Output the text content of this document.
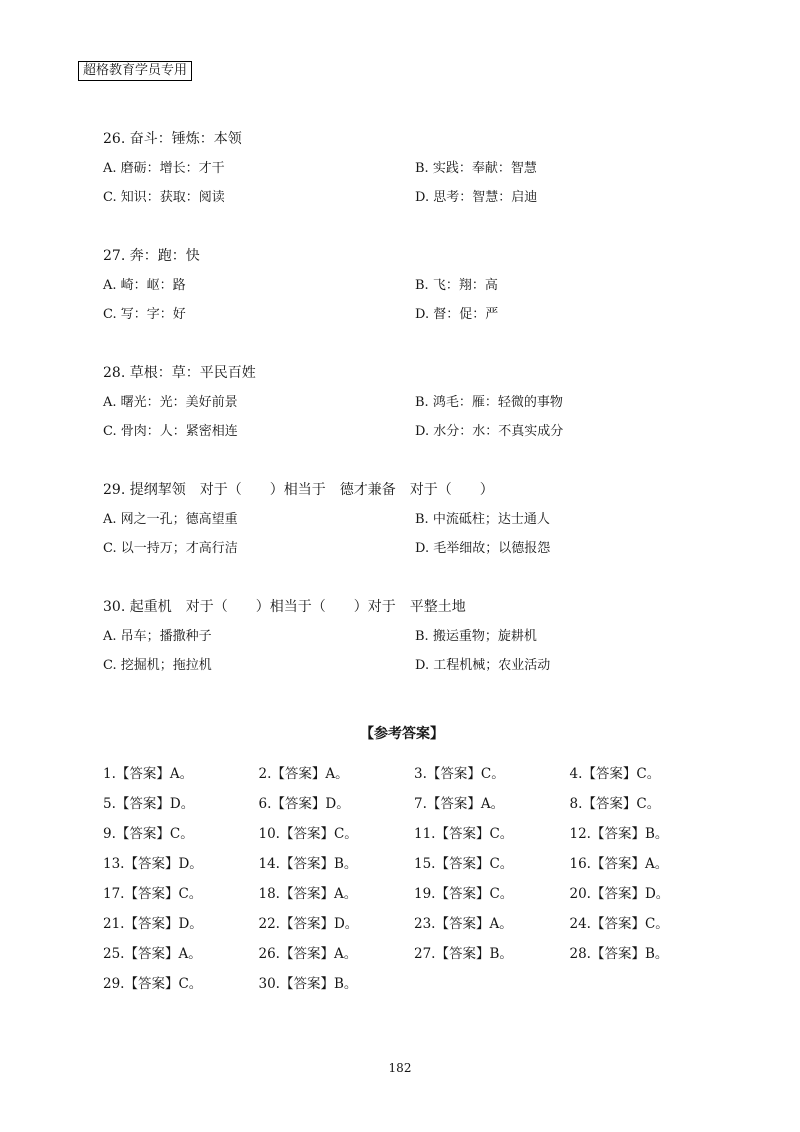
超格教育学员专用
26. 奋斗：锤炼：本领
A. 磨砺：增长：才干	B. 实践：奉献：智慧
C. 知识：获取：阅读	D. 思考：智慧：启迪
27. 奔：跑：快
A. 崎：岖：路	B. 飞：翔：高
C. 写：字：好	D. 督：促：严
28. 草根：草：平民百姓
A. 曙光：光：美好前景	B. 鸿毛：雁：轻微的事物
C. 骨肉：人：紧密相连	D. 水分：水：不真实成分
29. 提纲挈领　对于（　　）相当于　德才兼备　对于（　　）
A. 网之一孔；德高望重	B. 中流砥柱；达士通人
C. 以一持万；才高行洁	D. 毛举细故；以德报怨
30. 起重机　对于（　　）相当于（　　）对于　平整土地
A. 吊车；播撒种子	B. 搬运重物；旋耕机
C. 挖掘机；拖拉机	D. 工程机械；农业活动
【参考答案】
1.【答案】A。	2.【答案】A。	3.【答案】C。	4.【答案】C。
5.【答案】D。	6.【答案】D。	7.【答案】A。	8.【答案】C。
9.【答案】C。	10.【答案】C。	11.【答案】C。	12.【答案】B。
13.【答案】D。	14.【答案】B。	15.【答案】C。	16.【答案】A。
17.【答案】C。	18.【答案】A。	19.【答案】C。	20.【答案】D。
21.【答案】D。	22.【答案】D。	23.【答案】A。	24.【答案】C。
25.【答案】A。	26.【答案】A。	27.【答案】B。	28.【答案】B。
29.【答案】C。	30.【答案】B。
182
